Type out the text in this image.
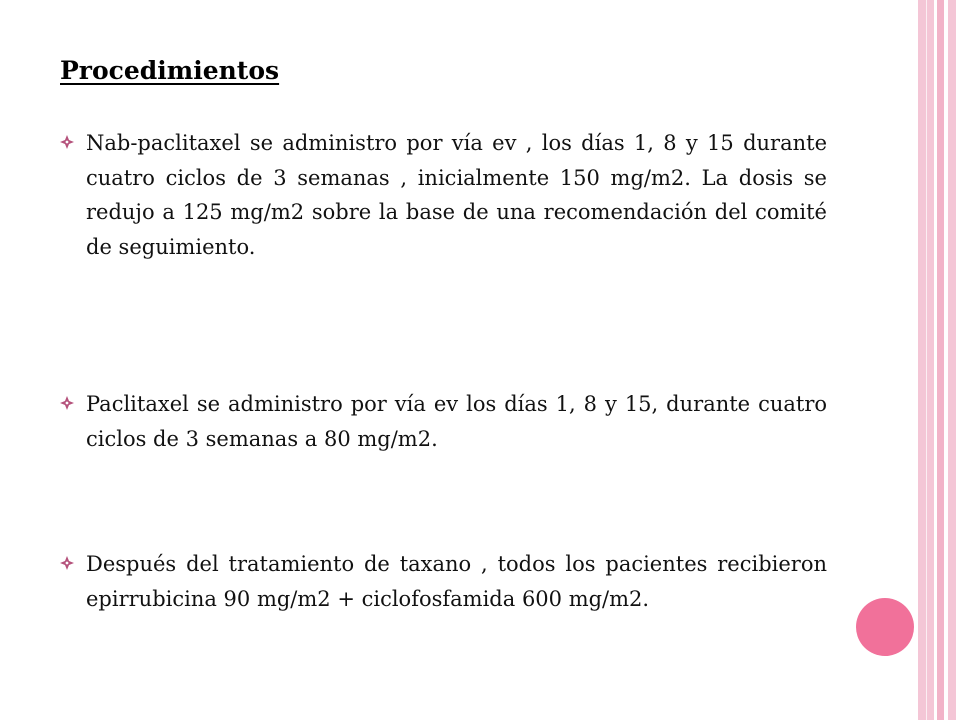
Procedimientos
Nab-paclitaxel se administro por vía ev , los días 1, 8 y 15 durante cuatro ciclos de 3 semanas , inicialmente 150 mg/m2. La dosis se redujo a 125 mg/m2 sobre la base de una recomendación del comité de seguimiento.
Paclitaxel se administro por vía ev los días 1, 8 y 15, durante cuatro ciclos de 3 semanas a 80 mg/m2.
Después del tratamiento de taxano , todos los pacientes recibieron epirrubicina 90 mg/m2 + ciclofosfamida 600 mg/m2.
